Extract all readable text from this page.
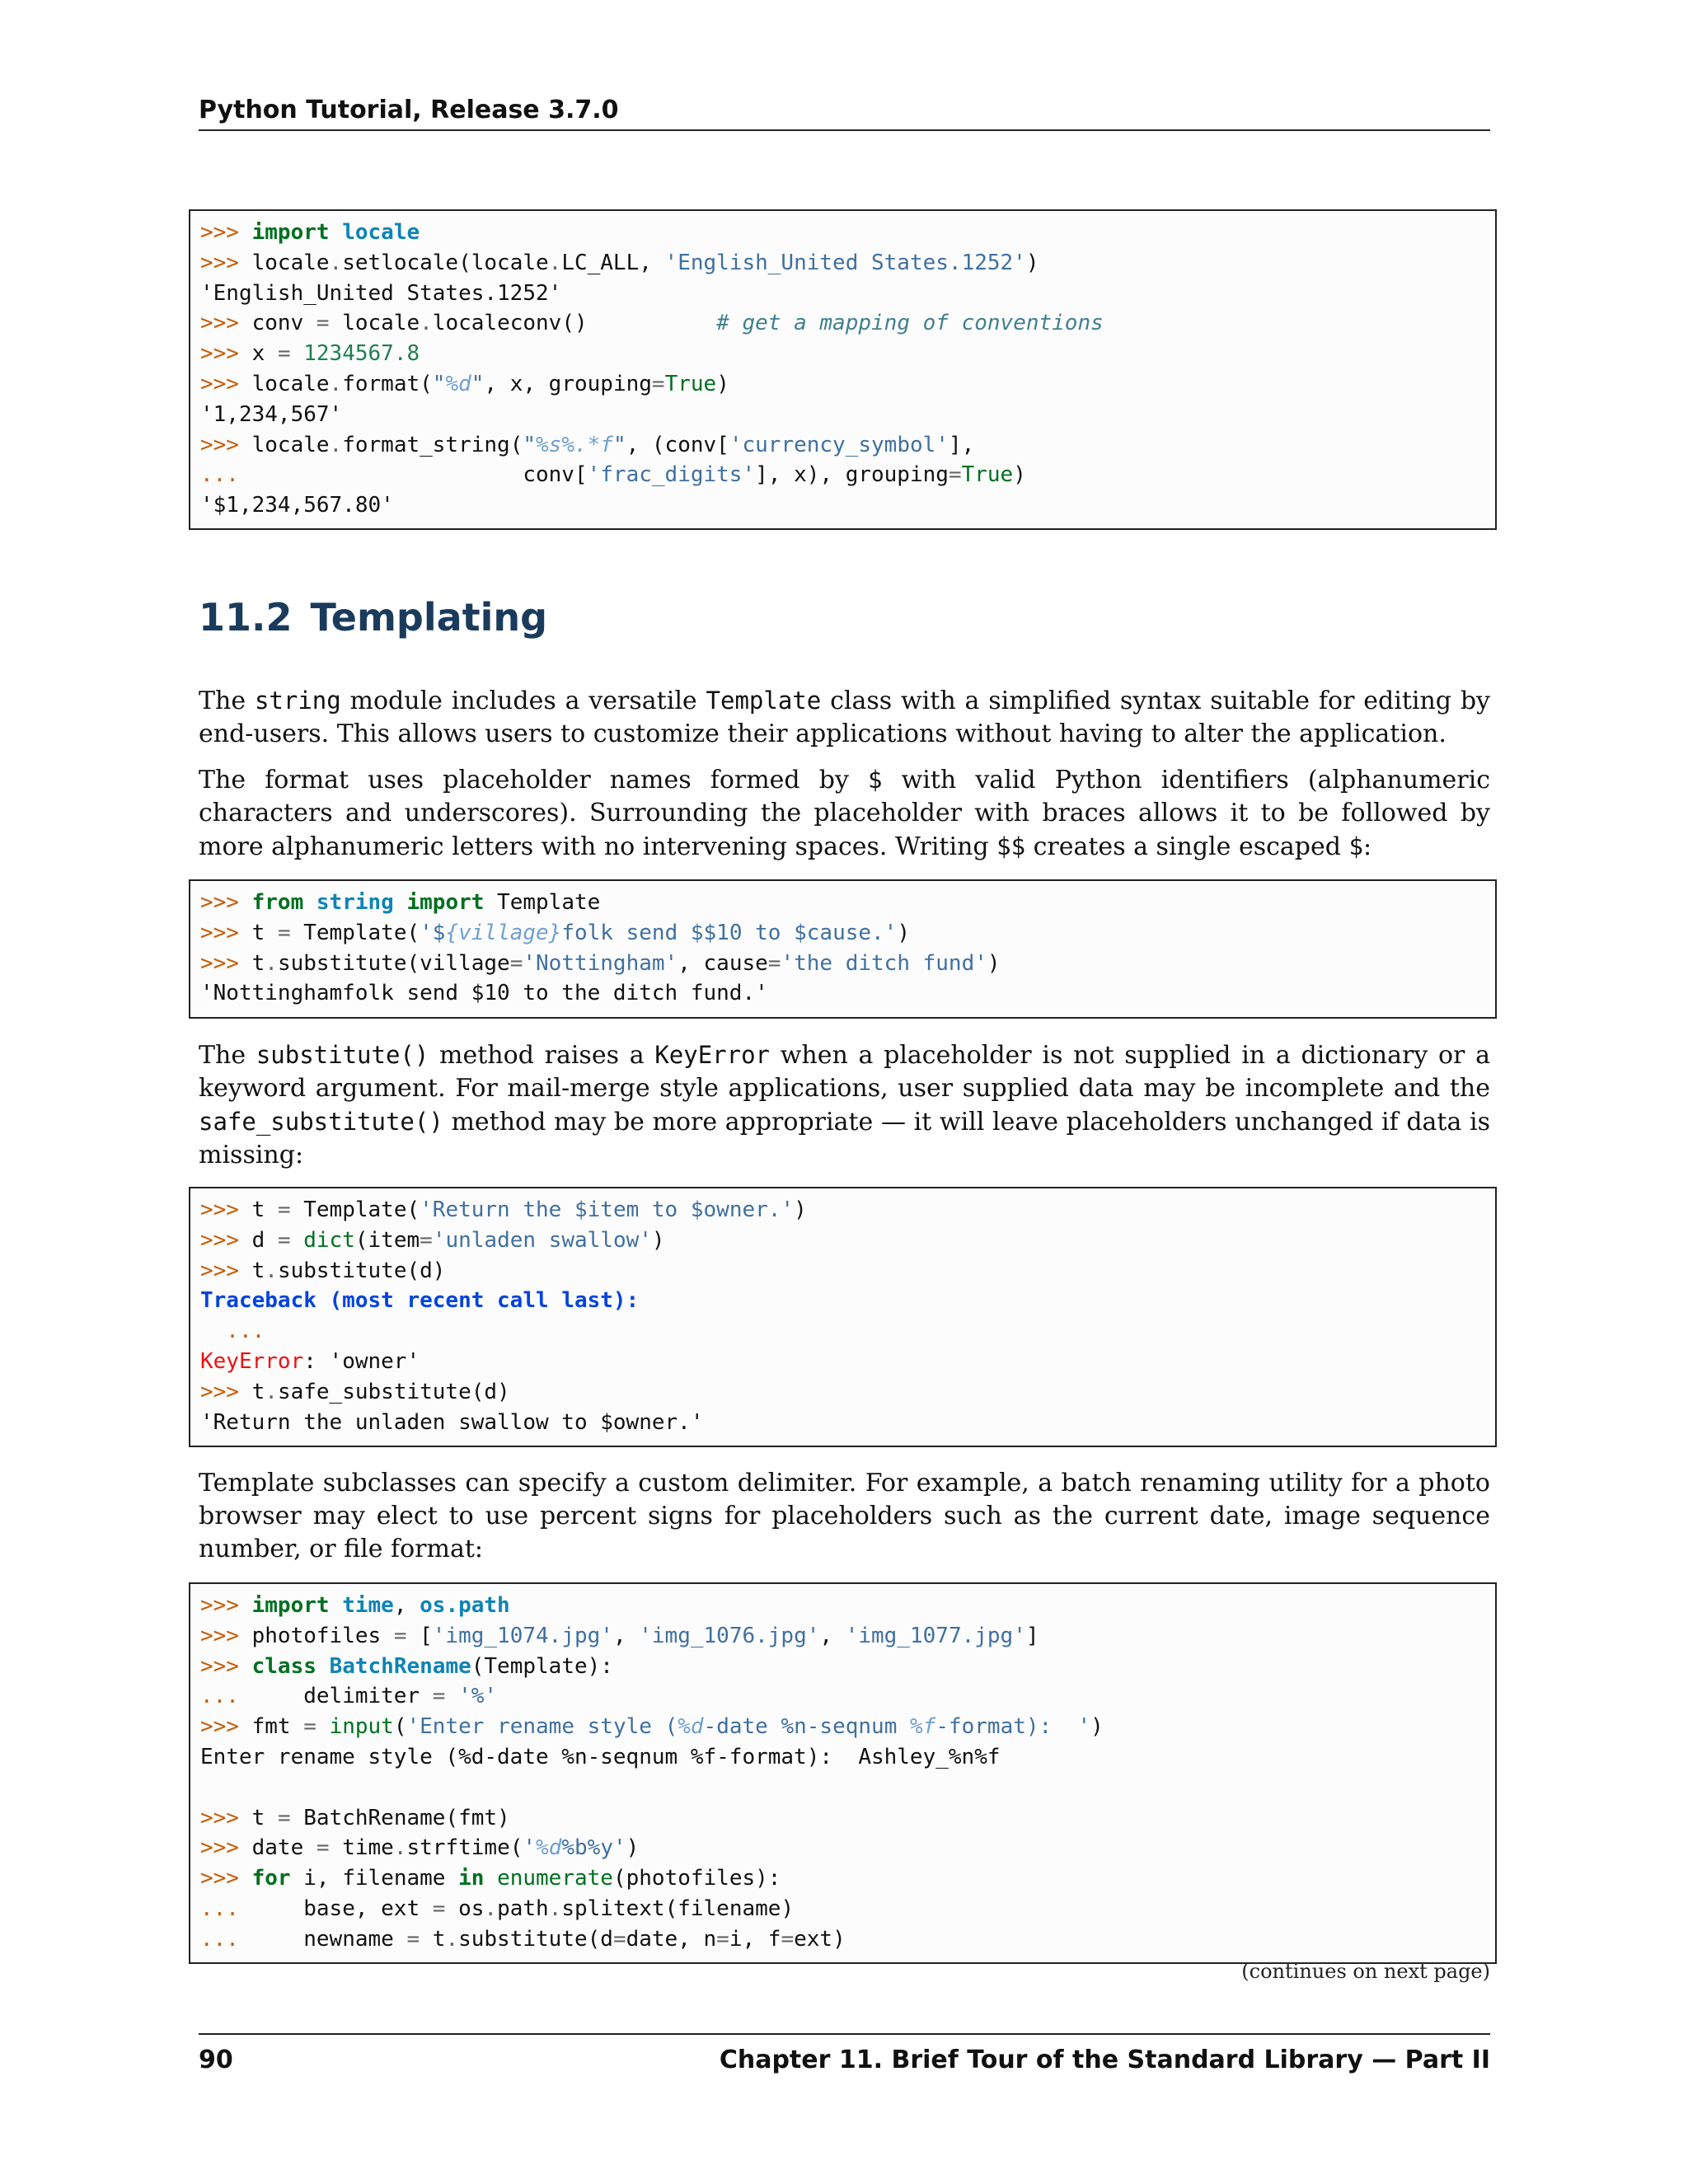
Python Tutorial, Release 3.7.0
>>> import locale
>>> locale.setlocale(locale.LC_ALL, 'English_United States.1252')
'English_United States.1252'
>>> conv = locale.localeconv()          # get a mapping of conventions
>>> x = 1234567.8
>>> locale.format("%d", x, grouping=True)
'1,234,567'
>>> locale.format_string("%s%.*f", (conv['currency_symbol'],
...                      conv['frac_digits'], x), grouping=True)
'$1,234,567.80'
11.2 Templating
The string module includes a versatile Template class with a simplified syntax suitable for editing by end-users. This allows users to customize their applications without having to alter the application.
The format uses placeholder names formed by $ with valid Python identifiers (alphanumeric characters and underscores). Surrounding the placeholder with braces allows it to be followed by more alphanumeric letters with no intervening spaces. Writing $$ creates a single escaped $:
>>> from string import Template
>>> t = Template('${village}folk send $$10 to $cause.')
>>> t.substitute(village='Nottingham', cause='the ditch fund')
'Nottinghamfolk send $10 to the ditch fund.'
The substitute() method raises a KeyError when a placeholder is not supplied in a dictionary or a keyword argument. For mail-merge style applications, user supplied data may be incomplete and the safe_substitute() method may be more appropriate — it will leave placeholders unchanged if data is missing:
>>> t = Template('Return the $item to $owner.')
>>> d = dict(item='unladen swallow')
>>> t.substitute(d)
Traceback (most recent call last):
...
KeyError: 'owner'
>>> t.safe_substitute(d)
'Return the unladen swallow to $owner.'
Template subclasses can specify a custom delimiter. For example, a batch renaming utility for a photo browser may elect to use percent signs for placeholders such as the current date, image sequence number, or file format:
>>> import time, os.path
>>> photofiles = ['img_1074.jpg', 'img_1076.jpg', 'img_1077.jpg']
>>> class BatchRename(Template):
...     delimiter = '%'
>>> fmt = input('Enter rename style (%d-date %n-seqnum %f-format):  ')
Enter rename style (%d-date %n-seqnum %f-format):  Ashley_%n%f
>>> t = BatchRename(fmt)
>>> date = time.strftime('%d%b%y')
>>> for i, filename in enumerate(photofiles):
...     base, ext = os.path.splitext(filename)
...     newname = t.substitute(d=date, n=i, f=ext)
(continues on next page)
90	Chapter 11. Brief Tour of the Standard Library — Part II
